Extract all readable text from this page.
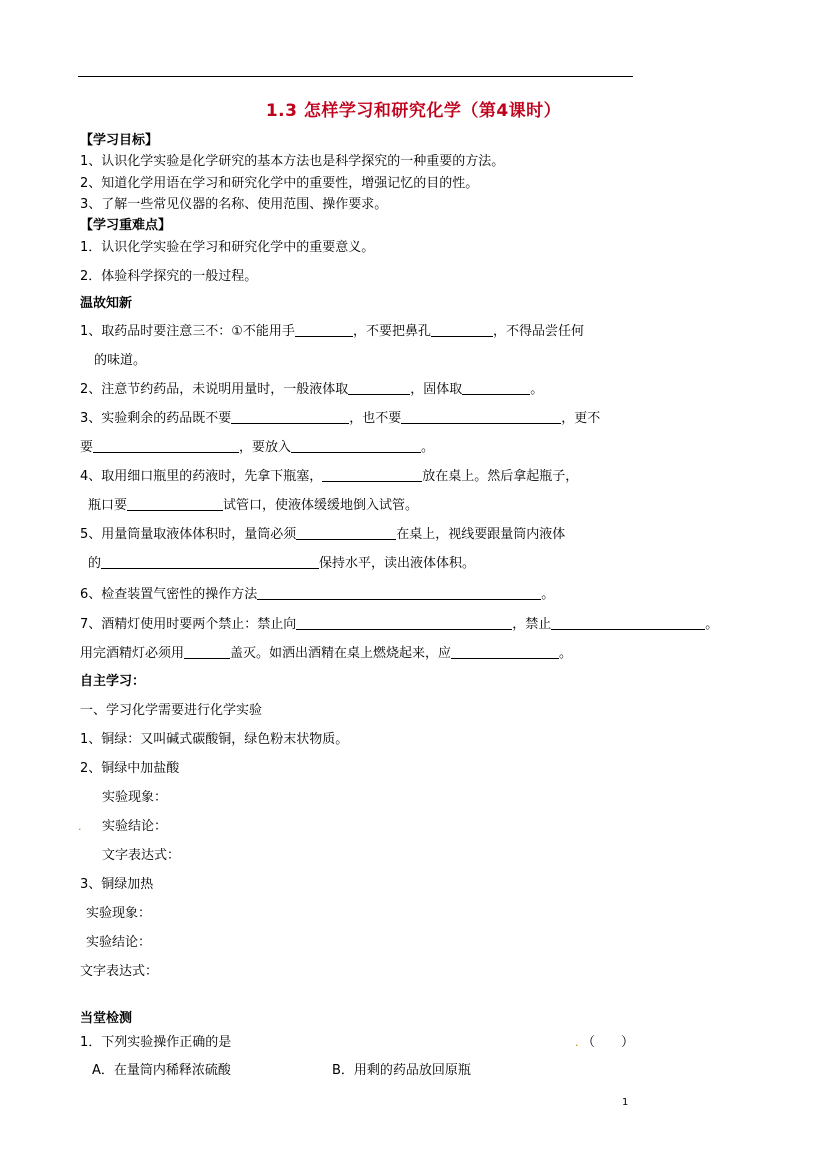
1.3 怎样学习和研究化学（第4课时）
【学习目标】
1、认识化学实验是化学研究的基本方法也是科学探究的一种重要的方法。
2、知道化学用语在学习和研究化学中的重要性，增强记忆的目的性。
3、了解一些常见仪器的名称、使用范围、操作要求。
【学习重难点】
1．认识化学实验在学习和研究化学中的重要意义。
2．体验科学探究的一般过程。
温故知新
1、取药品时要注意三不：①不能用手	，不要把鼻孔	，不得品尝任何
的味道。
2、注意节约药品，未说明用量时，一般液体取	，固体取	。
3、实验剩余的药品既不要	，也不要	，更不
要	，要放入	。
4、取用细口瓶里的药液时，先拿下瓶塞，	放在桌上。然后拿起瓶子，
瓶口要	试管口，使液体缓缓地倒入试管。
5、用量筒量取液体体积时，量筒必须	在桌上，视线要跟量筒内液体
的	保持水平，读出液体体积。
6、检查装置气密性的操作方法	。
7、酒精灯使用时要两个禁止：禁止向	，禁止	。
用完酒精灯必须用	盖灭。如洒出酒精在桌上燃烧起来，应	。
自主学习：
一、学习化学需要进行化学实验
1、铜绿：又叫碱式碳酸铜，绿色粉末状物质。
2、铜绿中加盐酸
实验现象：
. 实验结论：
文字表达式：
3、铜绿加热
实验现象：
实验结论：
文字表达式：
当堂检测
1．下列实验操作正确的是	. （　　）
A．在量筒内稀释浓硫酸	B．用剩的药品放回原瓶
1
